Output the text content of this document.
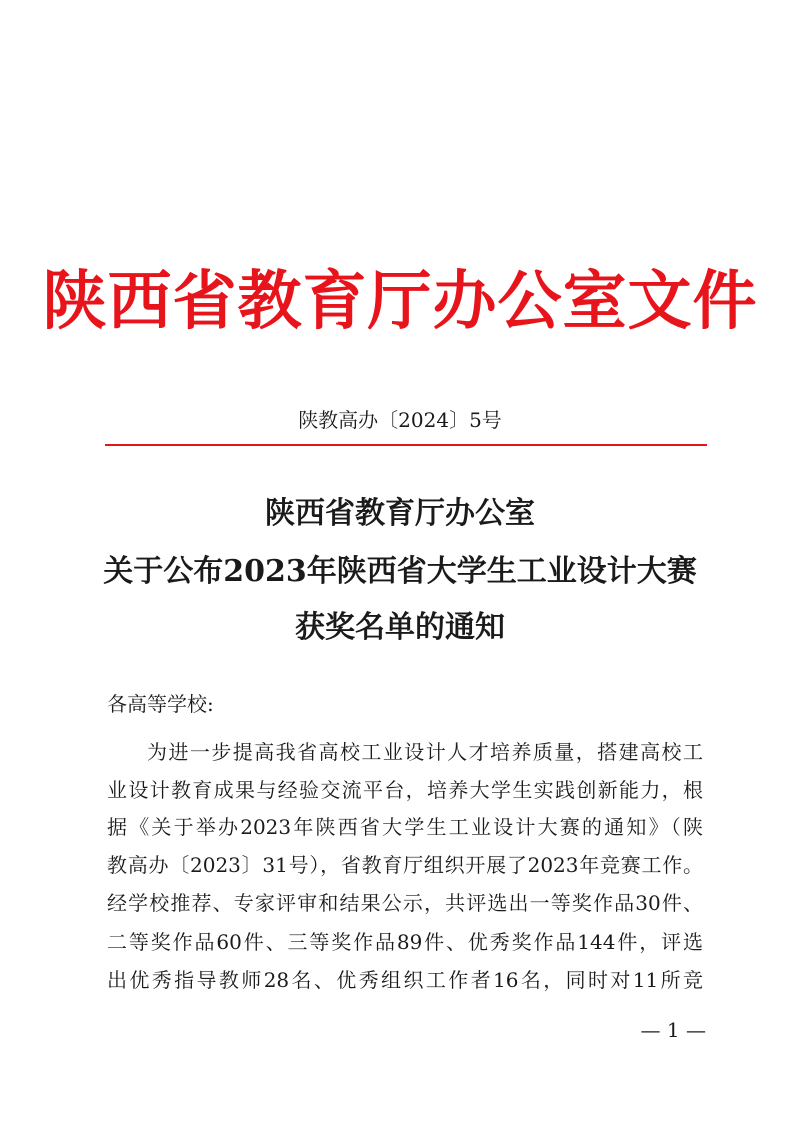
陕西省教育厅办公室文件
陕教高办〔2024〕5号
陕西省教育厅办公室
关于公布2023年陕西省大学生工业设计大赛
获奖名单的通知
各高等学校:
为进一步提高我省高校工业设计人才培养质量，搭建高校工
业设计教育成果与经验交流平台，培养大学生实践创新能力，根
据《关于举办2023年陕西省大学生工业设计大赛的通知》（陕
教高办〔2023〕31号），省教育厅组织开展了2023年竞赛工作。
经学校推荐、专家评审和结果公示，共评选出一等奖作品30件、
二等奖作品60件、三等奖作品89件、优秀奖作品144件，评选
出优秀指导教师28名、优秀组织工作者16名，同时对11所竞
— 1 —
